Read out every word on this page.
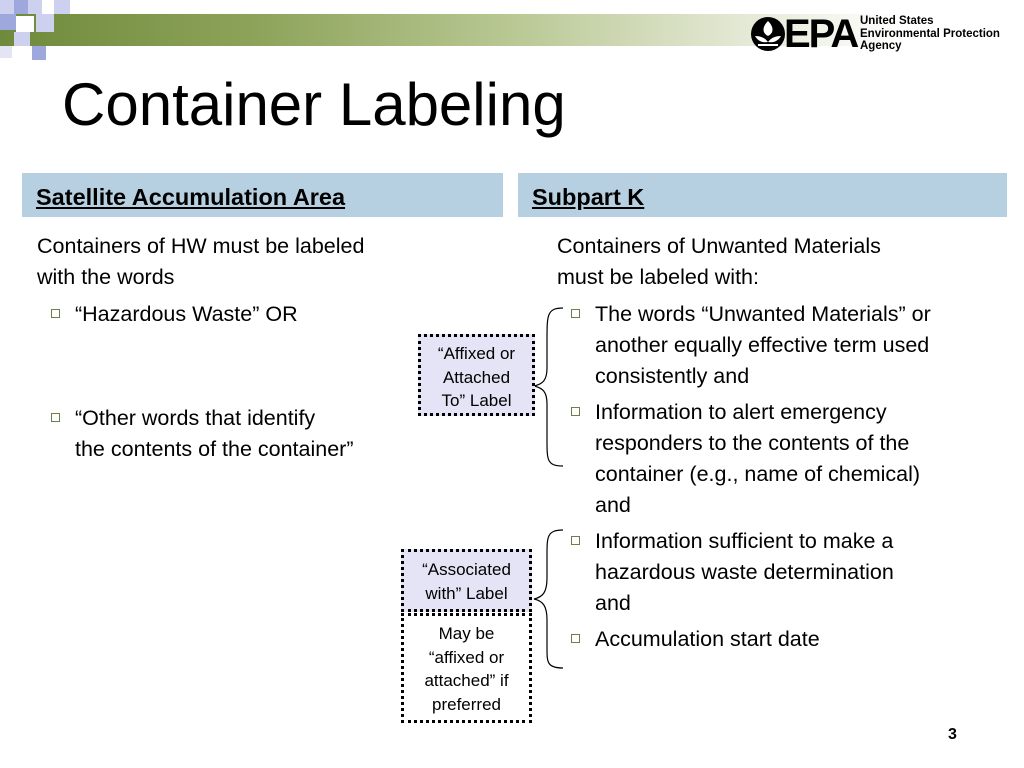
EPA United States
Environmental Protection
Agency
Container Labeling
Satellite Accumulation Area	Subpart K
Containers of HW must be labeled
with the words
“Hazardous Waste” OR
“Other words that identify
the contents of the container”
Containers of Unwanted Materials
must be labeled with:
The words “Unwanted Materials” or
another equally effective term used
consistently and
Information to alert emergency
responders to the contents of the
container (e.g., name of chemical)
and
Information sufficient to make a
hazardous waste determination
and
Accumulation start date
“Affixed or
Attached
To” Label
“Associated
with” Label
May be
“affixed or
attached” if
preferred
3
